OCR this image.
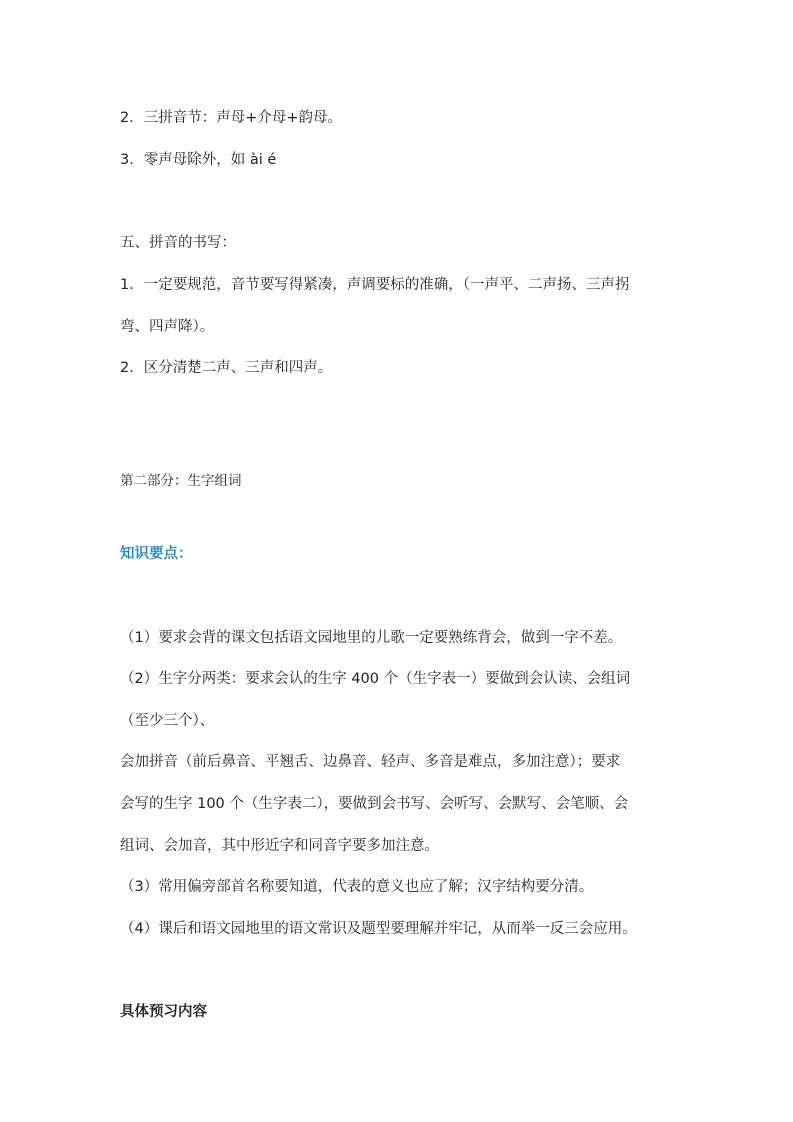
2．三拼音节：声母+介母+韵母。
3．零声母除外，如 ài é
五、拼音的书写：
1．一定要规范，音节要写得紧凑，声调要标的准确，（一声平、二声扬、三声拐
弯、四声降）。
2．区分清楚二声、三声和四声。
第二部分：生字组词
知识要点：
（1）要求会背的课文包括语文园地里的儿歌一定要熟练背会，做到一字不差。
（2）生字分两类：要求会认的生字 400 个（生字表一）要做到会认读、会组词
（至少三个）、
会加拼音（前后鼻音、平翘舌、边鼻音、轻声、多音是难点，多加注意）；要求
会写的生字 100 个（生字表二），要做到会书写、会听写、会默写、会笔顺、会
组词、会加音，其中形近字和同音字要多加注意。
（3）常用偏旁部首名称要知道，代表的意义也应了解；汉字结构要分清。
（4）课后和语文园地里的语文常识及题型要理解并牢记，从而举一反三会应用。
具体预习内容
